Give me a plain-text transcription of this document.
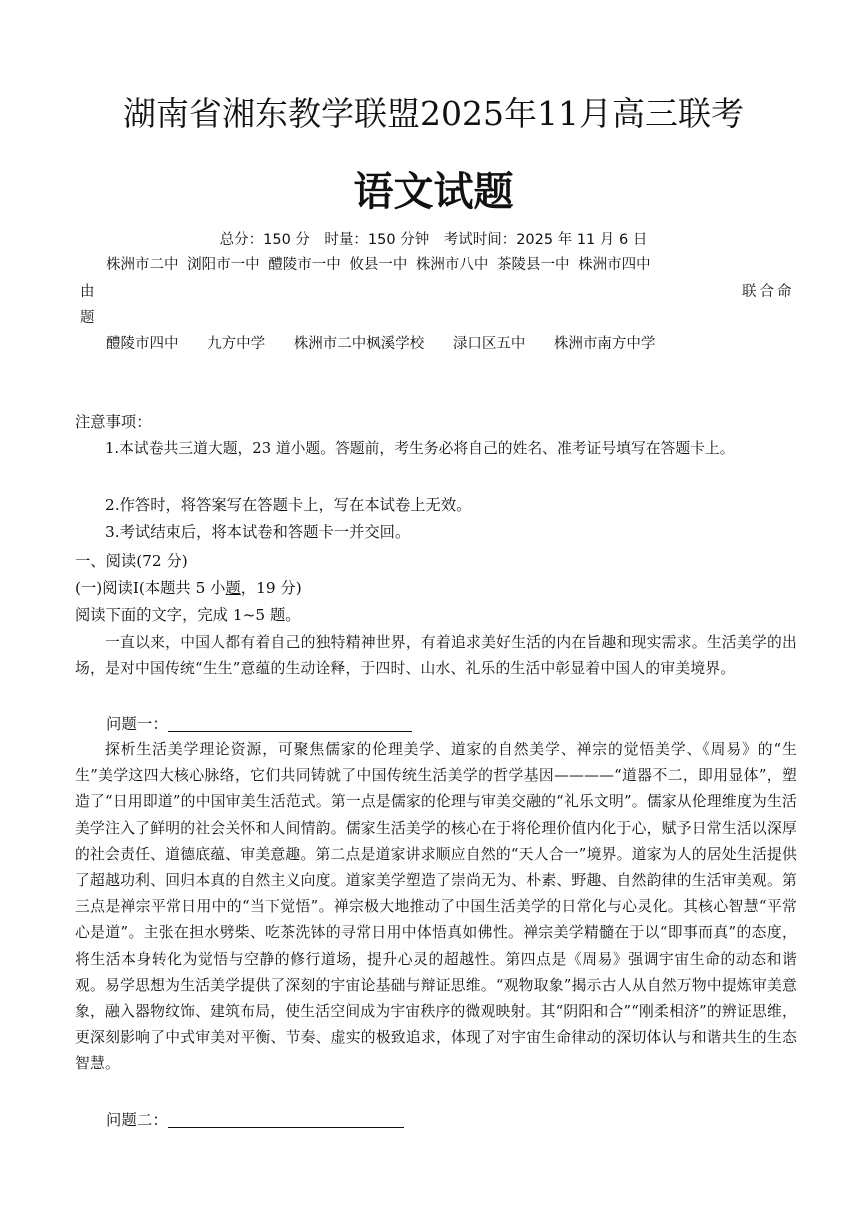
湖南省湘东教学联盟2025年11月高三联考
语文试题
总分：150 分　时量：150 分钟　考试时间：2025 年 11 月 6 日
株洲市二中 浏阳市一中 醴陵市一中 攸县一中 株洲市八中 茶陵县一中 株洲市四中
由	联合命
题
醴陵市四中 九方中学 株洲市二中枫溪学校 渌口区五中 株洲市南方中学
注意事项：
1.本试卷共三道大题，23 道小题。答题前，考生务必将自己的姓名、准考证号填写在答题卡上。
2.作答时，将答案写在答题卡上，写在本试卷上无效。
3.考试结束后，将本试卷和答题卡一并交回。
一、阅读(72 分)
(一)阅读Ⅰ(本题共 5 小题，19 分)
阅读下面的文字，完成 1~5 题。
一直以来，中国人都有着自己的独特精神世界，有着追求美好生活的内在旨趣和现实需求。生活美学的出场，是对中国传统“生生”意蕴的生动诠释，于四时、山水、礼乐的生活中彰显着中国人的审美境界。
问题一：
探析生活美学理论资源，可聚焦儒家的伦理美学、道家的自然美学、禅宗的觉悟美学、《周易》的“生生”美学这四大核心脉络，它们共同铸就了中国传统生活美学的哲学基因————“道器不二，即用显体”，塑造了“日用即道”的中国审美生活范式。第一点是儒家的伦理与审美交融的“礼乐文明”。儒家从伦理维度为生活美学注入了鲜明的社会关怀和人间情韵。儒家生活美学的核心在于将伦理价值内化于心，赋予日常生活以深厚的社会责任、道德底蕴、审美意趣。第二点是道家讲求顺应自然的“天人合一”境界。道家为人的居处生活提供了超越功利、回归本真的自然主义向度。道家美学塑造了崇尚无为、朴素、野趣、自然韵律的生活审美观。第三点是禅宗平常日用中的“当下觉悟”。禅宗极大地推动了中国生活美学的日常化与心灵化。其核心智慧“平常心是道”。主张在担水劈柴、吃茶洗钵的寻常日用中体悟真如佛性。禅宗美学精髓在于以“即事而真”的态度，将生活本身转化为觉悟与空静的修行道场，提升心灵的超越性。第四点是《周易》强调宇宙生命的动态和谐观。易学思想为生活美学提供了深刻的宇宙论基础与辩证思维。“观物取象”揭示古人从自然万物中提炼审美意象，融入器物纹饰、建筑布局，使生活空间成为宇宙秩序的微观映射。其“阴阳和合”“刚柔相济”的辨证思维，更深刻影响了中式审美对平衡、节奏、虚实的极致追求，体现了对宇宙生命律动的深切体认与和谐共生的生态智慧。
问题二：
